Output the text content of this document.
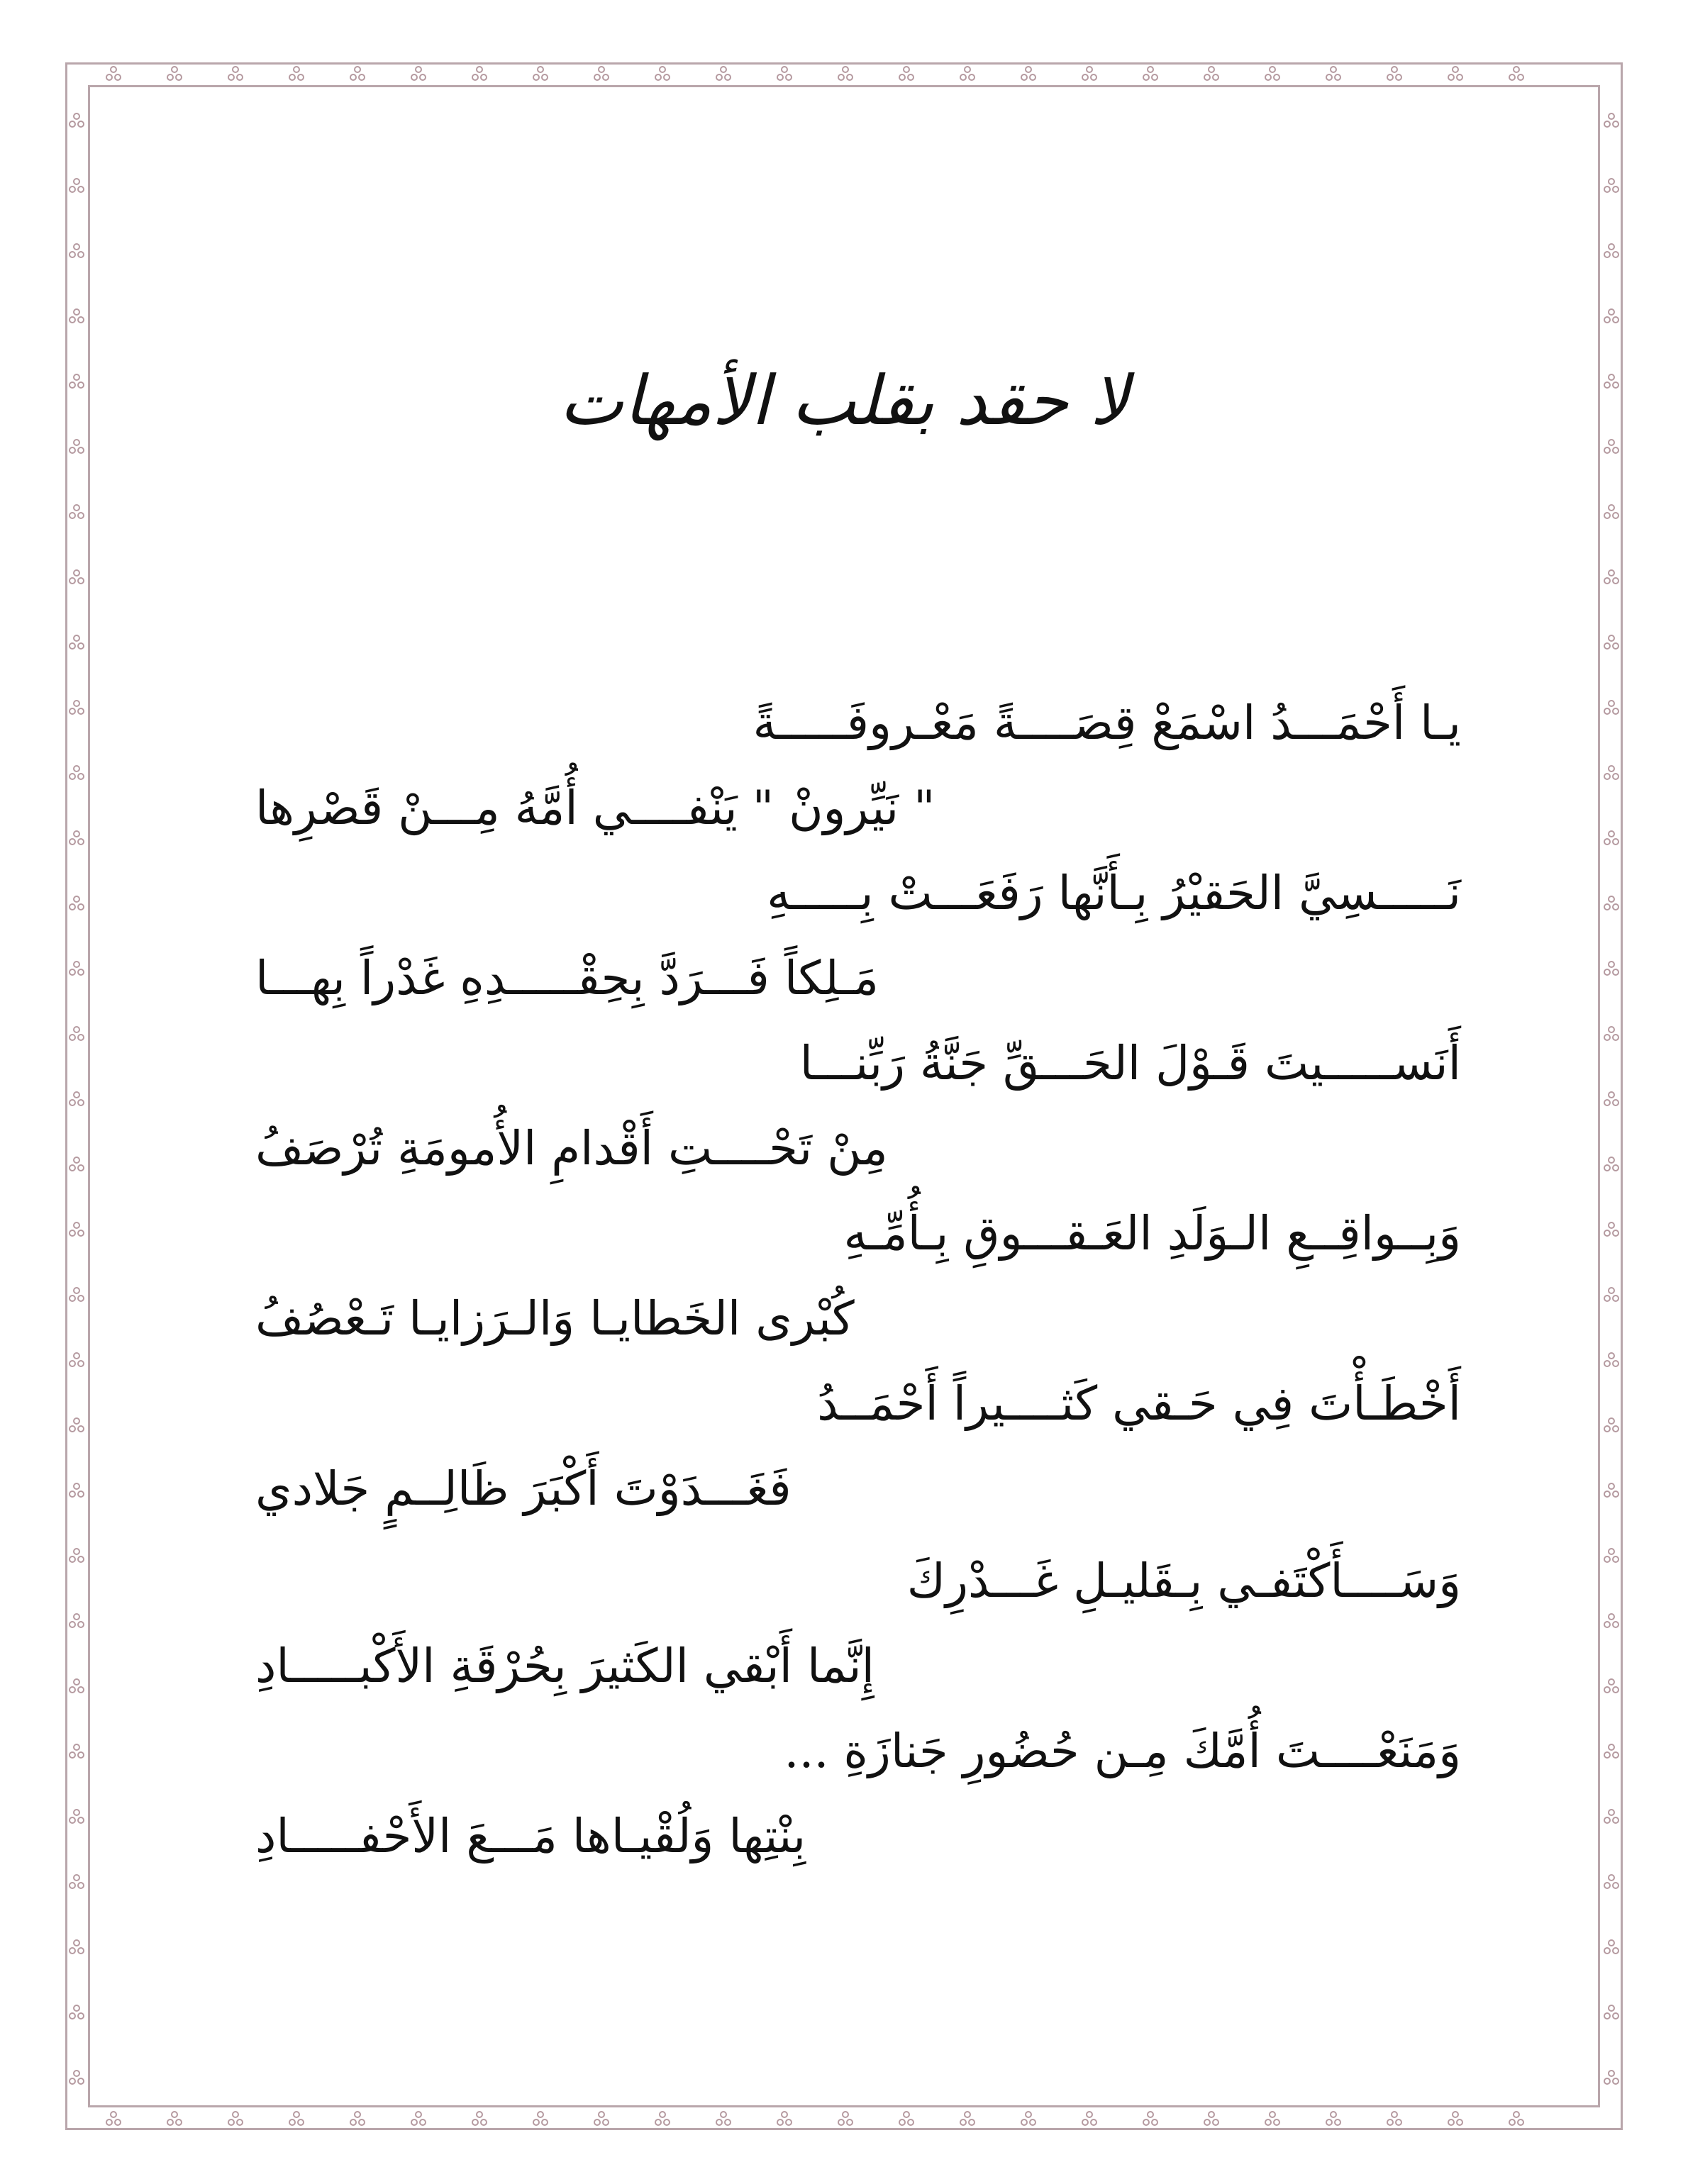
لا حقد بقلب الأمهات
يـا أَحْمَـــدُ اسْمَعْ قِصَــــةً مَعْـروفَـــــةً
" نَيِّرونْ " يَنْفــــي أُمَّهُ مِـــنْ قَصْرِها
نَـــــسِيَّ الحَقيْرُ بِـأَنَّها رَفَعَـــتْ بِـــــهِ
مَـلِكاً فَـــرَدَّ بِحِقْـــــدِهِ غَدْراً بِهـــا
أَنَســـــيتَ قَـوْلَ الحَـــقِّ جَنَّةُ رَبِّنـــا
مِنْ تَحْــــتِ أَقْدامِ الأُمومَةِ تُرْصَفُ
وَبِــواقِــعِ الـوَلَدِ العَـقـــوقِ بِـأُمِّـهِ
كُبْرى الخَطايـا وَالـرَزايـا تَـعْصُفُ
أَخْطَـأْتَ فِي حَـقي كَثــــيراً أَحْمَــدُ
فَغَـــدَوْتَ أَكْبَرَ ظَالِــمٍ جَلادي
وَسَــــأَكْتَفـي بِـقَليـلِ غَـــدْرِكَ
إِنَّما أَبْقي الكَثيرَ بِحُرْقَةِ الأَكْبـــــادِ
وَمَنَعْــــتَ أُمَّكَ مِـن حُضُورِ جَنازَةِ ...
بِنْتِها وَلُقْيـاها مَـــعَ الأَحْفـــــادِ
